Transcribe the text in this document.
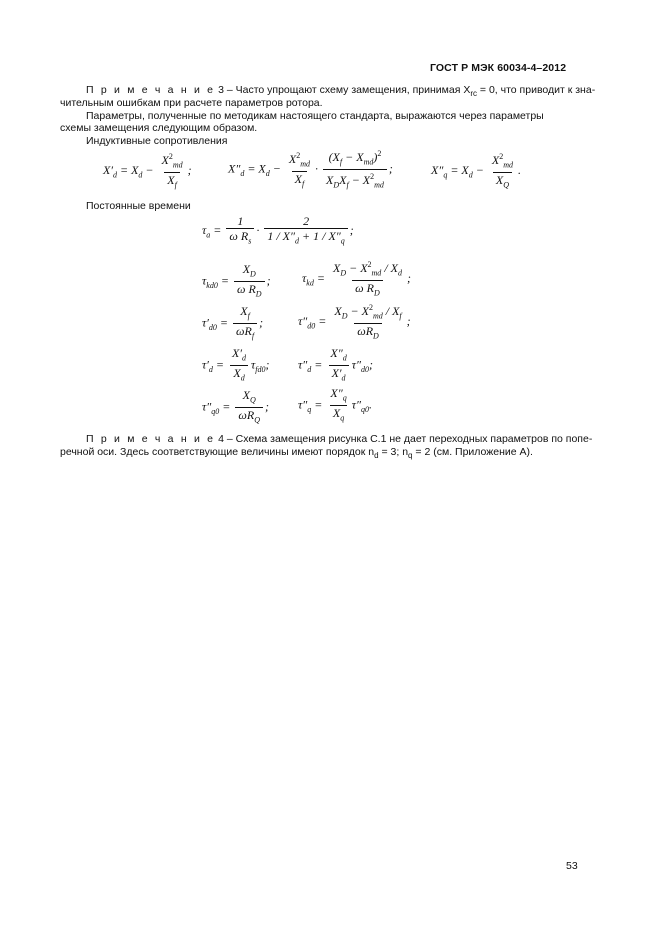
ГОСТ Р МЭК 60034-4–2012
П р и м е ч а н и е 3 – Часто упрощают схему замещения, принимая $X_{rc} = 0$, что приводит к зна-
чительным ошибкам при расчете параметров ротора.
Параметры, полученные по методикам настоящего стандарта, выражаются через параметры
схемы замещения следующим образом.
Индуктивные сопротивления
$X'_d = X_d - \frac{X^2_{md}}{X_f}$ ;	$X''_d = X_d - \frac{X^2_{md}}{X_f} \cdot \frac{(X_f - X_{md})^2}{X_DX_f - X^2_{md}}$ ;	$X''_q = X_d - \frac{X^2_{md}}{X_Q}$ .
Постоянные времени
$\tau_a = \frac{1}{\omega R_s} \cdot \frac{2}{1 / X''_d + 1 / X''_q}$ ;
$\tau_{kd0} = \frac{X_D}{\omega R_D}$ ;	$\tau_{kd} = \frac{X_D - X^2_{md} / X_d}{\omega R_D}$ ;
$\tau'_{d0} = \frac{X_f}{\omega R_f}$ ;	$\tau''_{d0} = \frac{X_D - X^2_{md} / X_f}{\omega R_D}$ ;
$\tau'_d = \frac{X'_d}{X_d} \tau_{fd0}$; $\tau''_d = \frac{X''_d}{X'_d} \tau''_{d0}$;
$\tau''_{q0} = \frac{X_Q}{\omega R_Q}$ ; $\tau''_q = \frac{X''_q}{X_q} \tau''_{q0}$.
П р и м е ч а н и е 4 – Схема замещения рисунка С.1 не дает переходных параметров по попе-
речной оси. Здесь соответствующие величины имеют порядок $n_d = 3$; $n_q = 2$ (см. Приложение А).
53
